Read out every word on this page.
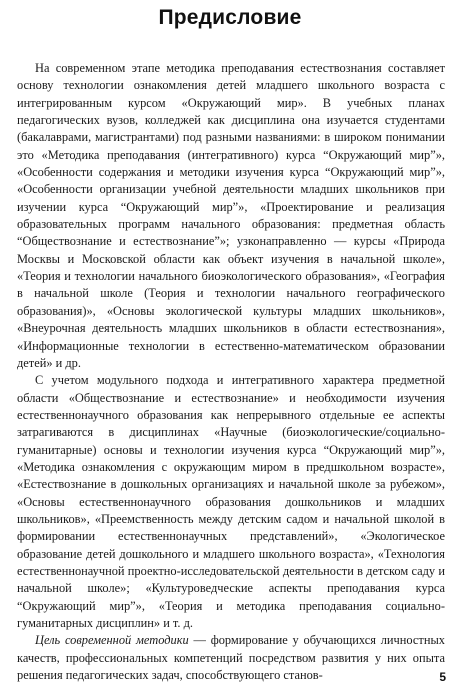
Предисловие

На современном этапе методика преподавания естествознания составляет основу технологии ознакомления детей младшего школьного возраста с интегрированным курсом «Окружающий мир». В учебных планах педагогических вузов, колледжей как дисциплина она изучается студентами (бакалаврами, магистрантами) под разными названиями: в широком понимании это «Методика преподавания (интегративного) курса “Окружающий мир”», «Особенности содержания и методики изучения курса “Окружающий мир”», «Особенности организации учебной деятельности младших школьников при изучении курса “Окружающий мир”», «Проектирование и реализация образовательных программ начального образования: предметная область “Обществознание и естествознание”»; узконаправленно — курсы «Природа Москвы и Московской области как объект изучения в начальной школе», «Теория и технологии начального биоэкологического образования», «География в начальной школе (Теория и технологии начального географического образования)», «Основы экологической культуры младших школьников», «Внеурочная деятельность младших школьников в области естествознания», «Информационные технологии в естественно-математическом образовании детей» и др.

С учетом модульного подхода и интегративного характера предметной области «Обществознание и естествознание» и необходимости изучения естественнонаучного образования как непрерывного отдельные ее аспекты затрагиваются в дисциплинах «Научные (биоэкологические/социально-гуманитарные) основы и технологии изучения курса “Окружающий мир”», «Методика ознакомления с окружающим миром в предшкольном возрасте», «Естествознание в дошкольных организациях и начальной школе за рубежом», «Основы естественнонаучного образования дошкольников и младших школьников», «Преемственность между детским садом и начальной школой в формировании естественнонаучных представлений», «Экологическое образование детей дошкольного и младшего школьного возраста», «Технология естественнонаучной проектно-исследовательской деятельности в детском саду и начальной школе»; «Культуроведческие аспекты преподавания курса “Окружающий мир”», «Теория и методика преподавания социально-гуманитарных дисциплин» и т. д.

Цель современной методики — формирование у обучающихся личностных качеств, профессиональных компетенций посредством развития у них опыта решения педагогических задач, способствующего станов-	5
